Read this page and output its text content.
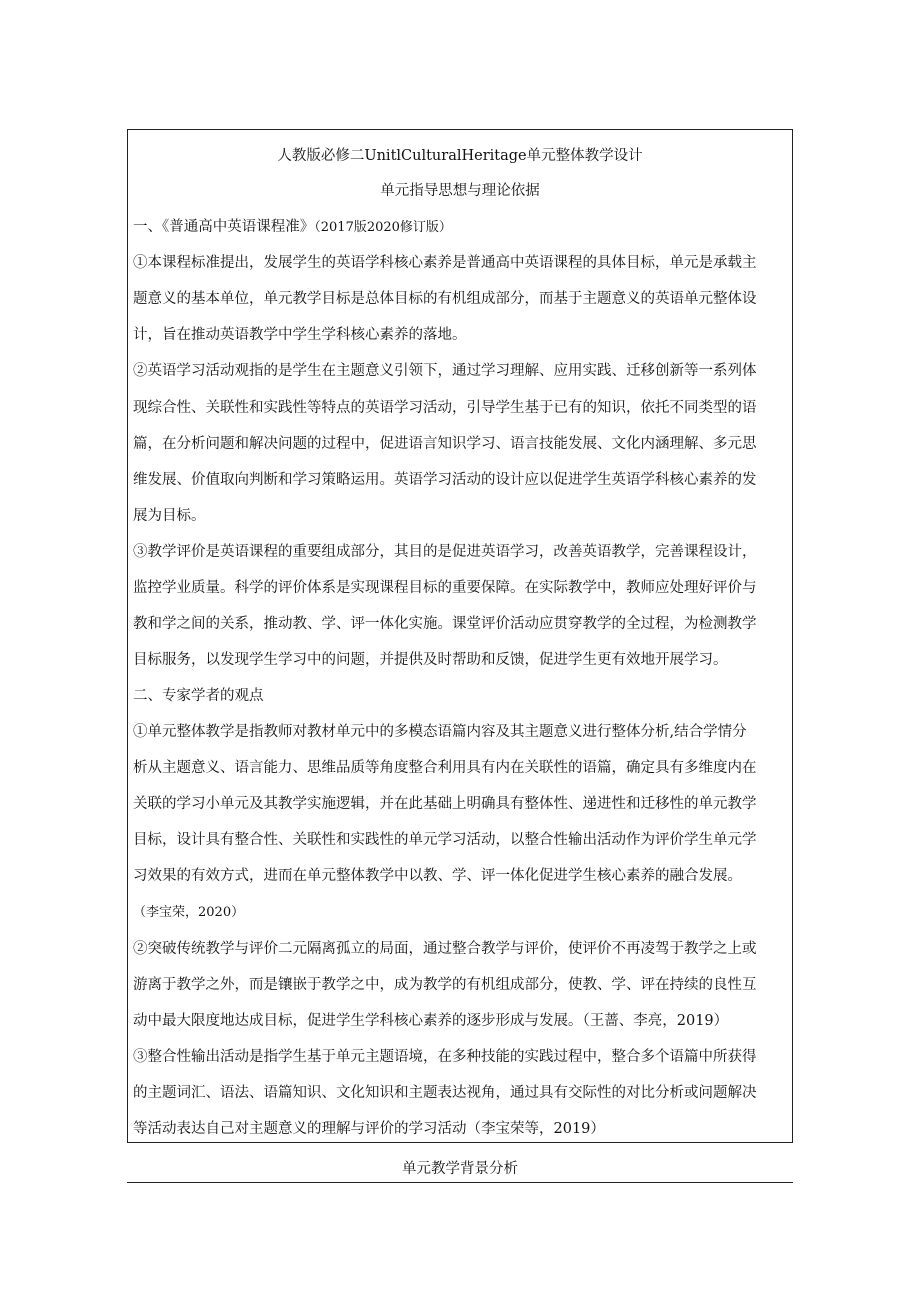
人教版必修二UnitlCulturalHeritage单元整体教学设计
单元指导思想与理论依据
一、《普通高中英语课程准》（2017版2020修订版）
①本课程标准提出，发展学生的英语学科核心素养是普通高中英语课程的具体目标，单元是承载主
题意义的基本单位，单元教学目标是总体目标的有机组成部分，而基于主题意义的英语单元整体设
计，旨在推动英语教学中学生学科核心素养的落地。
②英语学习活动观指的是学生在主题意义引领下，通过学习理解、应用实践、迁移创新等一系列体
现综合性、关联性和实践性等特点的英语学习活动，引导学生基于已有的知识，依托不同类型的语
篇，在分析问题和解决问题的过程中，促进语言知识学习、语言技能发展、文化内涵理解、多元思
维发展、价值取向判断和学习策略运用。英语学习活动的设计应以促进学生英语学科核心素养的发
展为目标。
③教学评价是英语课程的重要组成部分，其目的是促进英语学习，改善英语教学，完善课程设计，
监控学业质量。科学的评价体系是实现课程目标的重要保障。在实际教学中，教师应处理好评价与
教和学之间的关系，推动教、学、评一体化实施。课堂评价活动应贯穿教学的全过程，为检测教学
目标服务，以发现学生学习中的问题，并提供及时帮助和反馈，促进学生更有效地开展学习。
二、专家学者的观点
①单元整体教学是指教师对教材单元中的多模态语篇内容及其主题意义进行整体分析,结合学情分
析从主题意义、语言能力、思维品质等角度整合利用具有内在关联性的语篇，确定具有多维度内在
关联的学习小单元及其教学实施逻辑，并在此基础上明确具有整体性、递进性和迁移性的单元教学
目标，设计具有整合性、关联性和实践性的单元学习活动，以整合性输出活动作为评价学生单元学
习效果的有效方式，进而在单元整体教学中以教、学、评一体化促进学生核心素养的融合发展。
（李宝荣，2020）
②突破传统教学与评价二元隔离孤立的局面，通过整合教学与评价，使评价不再凌驾于教学之上或
游离于教学之外，而是镶嵌于教学之中，成为教学的有机组成部分，使教、学、评在持续的良性互
动中最大限度地达成目标，促进学生学科核心素养的逐步形成与发展。（王蔷、李亮，2019）
③整合性输出活动是指学生基于单元主题语境，在多种技能的实践过程中，整合多个语篇中所获得
的主题词汇、语法、语篇知识、文化知识和主题表达视角，通过具有交际性的对比分析或问题解决
等活动表达自己对主题意义的理解与评价的学习活动（李宝荣等，2019）
单元教学背景分析
